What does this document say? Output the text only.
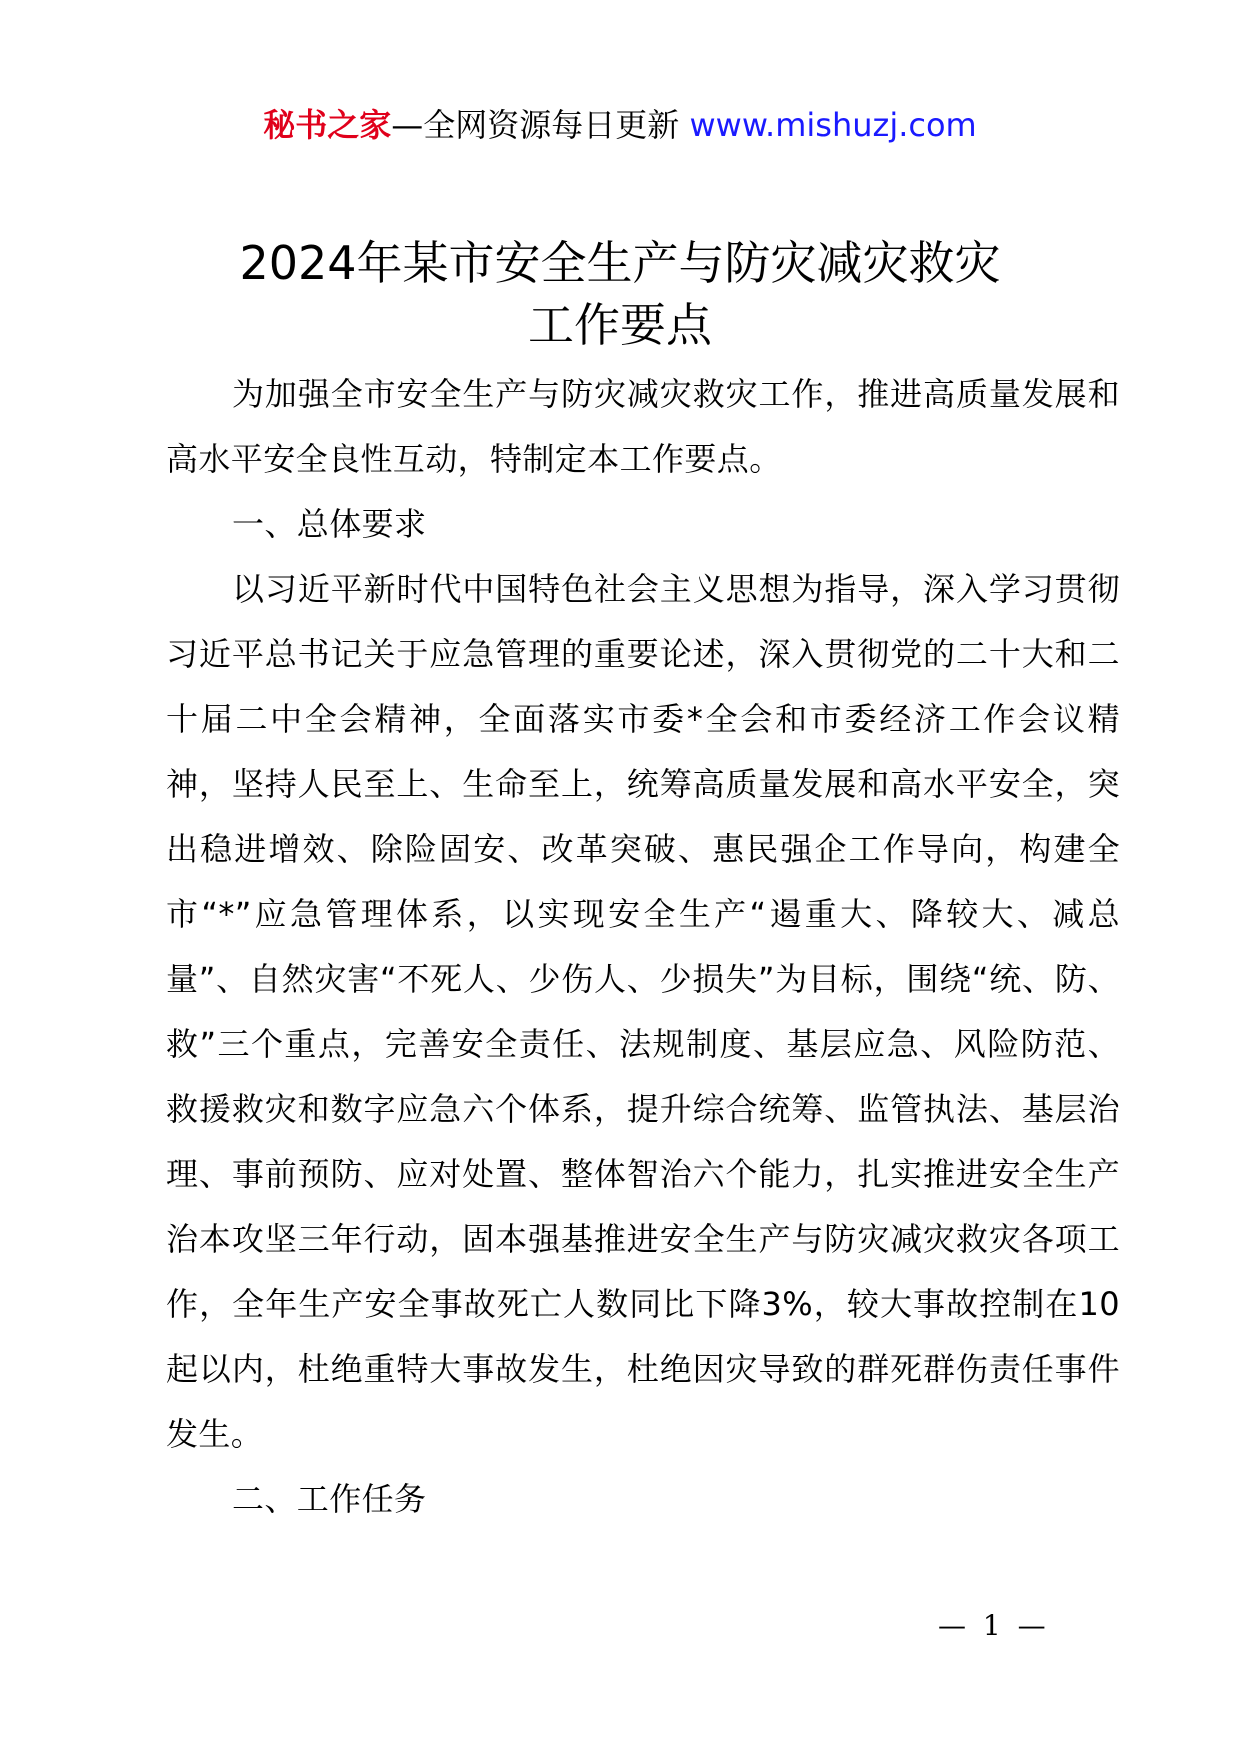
秘书之家—全网资源每日更新 www.mishuzj.com
2024年某市安全生产与防灾减灾救灾
工作要点

为加强全市安全生产与防灾减灾救灾工作，推进高质量发展和高水平安全良性互动，特制定本工作要点。

一、总体要求

以习近平新时代中国特色社会主义思想为指导，深入学习贯彻习近平总书记关于应急管理的重要论述，深入贯彻党的二十大和二十届二中全会精神，全面落实市委*全会和市委经济工作会议精神，坚持人民至上、生命至上，统筹高质量发展和高水平安全，突出稳进增效、除险固安、改革突破、惠民强企工作导向，构建全市“*”应急管理体系，以实现安全生产“遏重大、降较大、减总量”、自然灾害“不死人、少伤人、少损失”为目标，围绕“统、防、救”三个重点，完善安全责任、法规制度、基层应急、风险防范、救援救灾和数字应急六个体系，提升综合统筹、监管执法、基层治理、事前预防、应对处置、整体智治六个能力，扎实推进安全生产治本攻坚三年行动，固本强基推进安全生产与防灾减灾救灾各项工作，全年生产安全事故死亡人数同比下降3%，较大事故控制在10起以内，杜绝重特大事故发生，杜绝因灾导致的群死群伤责任事件发生。

二、工作任务

— 1 —
